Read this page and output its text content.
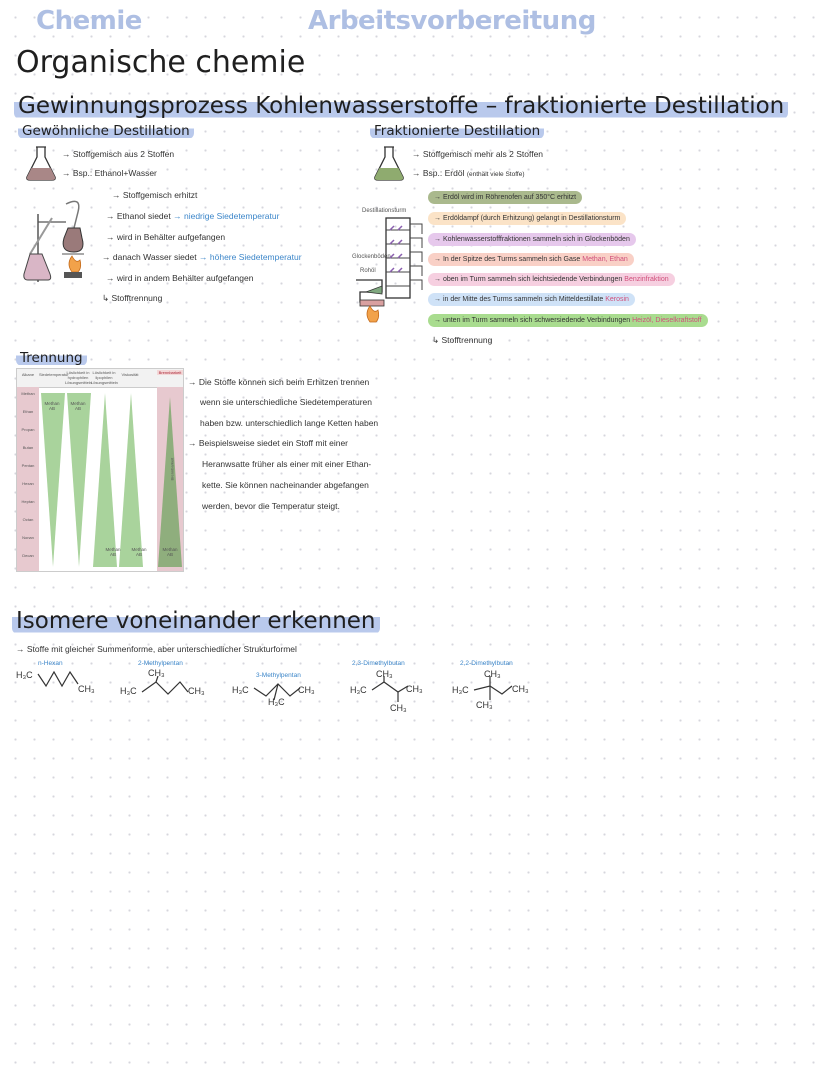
Chemie	Arbeitsvorbereitung
Organische chemie
Gewinnungsprozess Kohlenwasserstoffe – fraktionierte Destillation
Gewöhnliche Destillation
→ Stoffgemisch aus 2 Stoffen
→ Bsp.: Ethanol+Wasser
→ Stoffgemisch erhitzt
→ Ethanol siedet → niedrige Siedetemperatur
→ wird in Behälter aufgefangen
→ danach Wasser siedet → höhere Siedetemperatur
→ wird in andem Behälter aufgefangen
↳ Stofftrennung
Fraktionierte Destillation
→ Stoffgemisch mehr als 2 Stoffen
→ Bsp.: Erdöl (enthält viele Stoffe)
Destillationsturm
Glockenböden
Rohöl
→ Erdöl wird im Röhrenofen auf 350°C erhitzt
→ Erdöldampf (durch Erhitzung) gelangt in Destillationsturm
→ Kohlenwasserstofffraktionen sammeln sich in Glockenböden
→ In der Spitze des Turms sammeln sich Gase Methan, Ethan
→ oben im Turm sammeln sich leichtsiedende Verbindungen Benzinfraktion
→ in der Mitte des Turms sammeln sich Mitteldestillate Kerosin
→ unten im Turm sammeln sich schwersiedende Verbindungen Heizöl, Dieselkraftstoff
↳ Stofftrennung
Trennung
Alkane	Siedetemperatur
Löslichkeit in hydrophilen Lösungsmitteln
Löslichkeit in lipophilen Lösungsmitteln
Viskosität	Brennbarkeit
Methan
Ethan
Propan
Butan
Pentan
Hexan
Heptan
Octan
Nonan
Decan
Methan AB
Methan AB
Methan AB
Methan AB
Methan AB
Brennbarkeit
→ Die Stoffe können sich beim Erhitzen trennen
wenn sie unterschiedliche Siedetemperaturen
haben bzw. unterschiedlich lange Ketten haben
→ Beispielsweise siedet ein Stoff mit einer
Heranwsatte früher als einer mit einer Ethan-
kette. Sie können nacheinander abgefangen
werden, bevor die Temperatur steigt.
Isomere voneinander erkennen
→ Stoffe mit gleicher Summenforme, aber unterschiedlicher Strukturformel
n-Hexan
H₃C
CH₃
2-Methylpentan
CH₃
H₃C	CH₃
3-Methylpentan
H₃C	CH₃
H₃C
2,3-Dimethylbutan
CH₃
H₃C	CH₃
CH₃
2,2-Dimethylbutan
CH₃
H₃C	CH₃
CH₃
